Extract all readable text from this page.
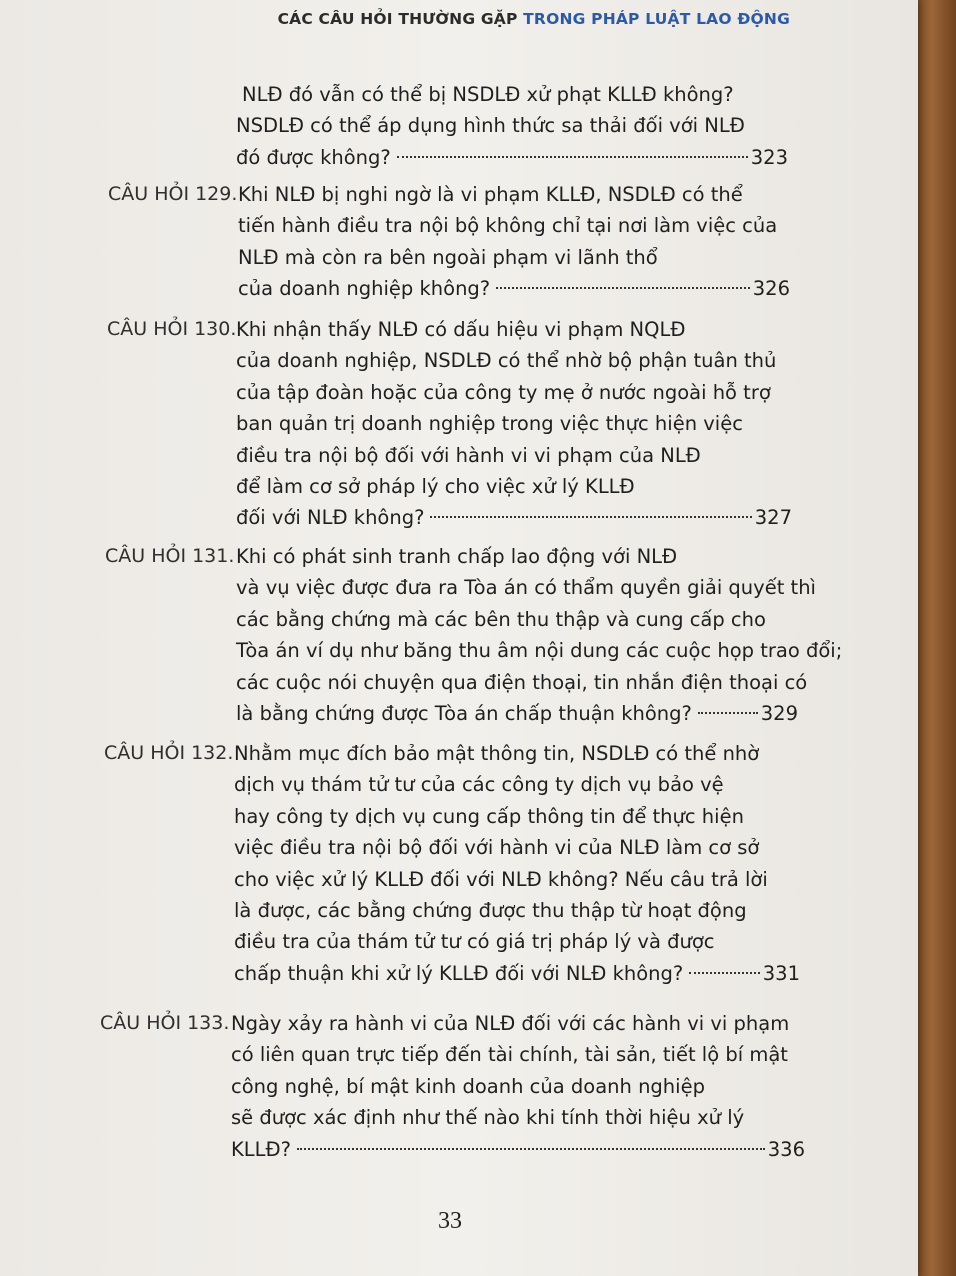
CÁC CÂU HỎI THƯỜNG GẶP TRONG PHÁP LUẬT LAO ĐỘNG
NLĐ đó vẫn có thể bị NSDLĐ xử phạt KLLĐ không?
NSDLĐ có thể áp dụng hình thức sa thải đối với NLĐ
đó được không?	323
CÂU HỎI 129. Khi NLĐ bị nghi ngờ là vi phạm KLLĐ, NSDLĐ có thể
tiến hành điều tra nội bộ không chỉ tại nơi làm việc của
NLĐ mà còn ra bên ngoài phạm vi lãnh thổ
của doanh nghiệp không?	326
CÂU HỎI 130. Khi nhận thấy NLĐ có dấu hiệu vi phạm NQLĐ
của doanh nghiệp, NSDLĐ có thể nhờ bộ phận tuân thủ
của tập đoàn hoặc của công ty mẹ ở nước ngoài hỗ trợ
ban quản trị doanh nghiệp trong việc thực hiện việc
điều tra nội bộ đối với hành vi vi phạm của NLĐ
để làm cơ sở pháp lý cho việc xử lý KLLĐ
đối với NLĐ không?	327
CÂU HỎI 131. Khi có phát sinh tranh chấp lao động với NLĐ
và vụ việc được đưa ra Tòa án có thẩm quyền giải quyết thì
các bằng chứng mà các bên thu thập và cung cấp cho
Tòa án ví dụ như băng thu âm nội dung các cuộc họp trao đổi;
các cuộc nói chuyện qua điện thoại, tin nhắn điện thoại có
là bằng chứng được Tòa án chấp thuận không?	329
CÂU HỎI 132. Nhằm mục đích bảo mật thông tin, NSDLĐ có thể nhờ
dịch vụ thám tử tư của các công ty dịch vụ bảo vệ
hay công ty dịch vụ cung cấp thông tin để thực hiện
việc điều tra nội bộ đối với hành vi của NLĐ làm cơ sở
cho việc xử lý KLLĐ đối với NLĐ không? Nếu câu trả lời
là được, các bằng chứng được thu thập từ hoạt động
điều tra của thám tử tư có giá trị pháp lý và được
chấp thuận khi xử lý KLLĐ đối với NLĐ không?	331
CÂU HỎI 133. Ngày xảy ra hành vi của NLĐ đối với các hành vi vi phạm
có liên quan trực tiếp đến tài chính, tài sản, tiết lộ bí mật
công nghệ, bí mật kinh doanh của doanh nghiệp
sẽ được xác định như thế nào khi tính thời hiệu xử lý
KLLĐ?	336
33
